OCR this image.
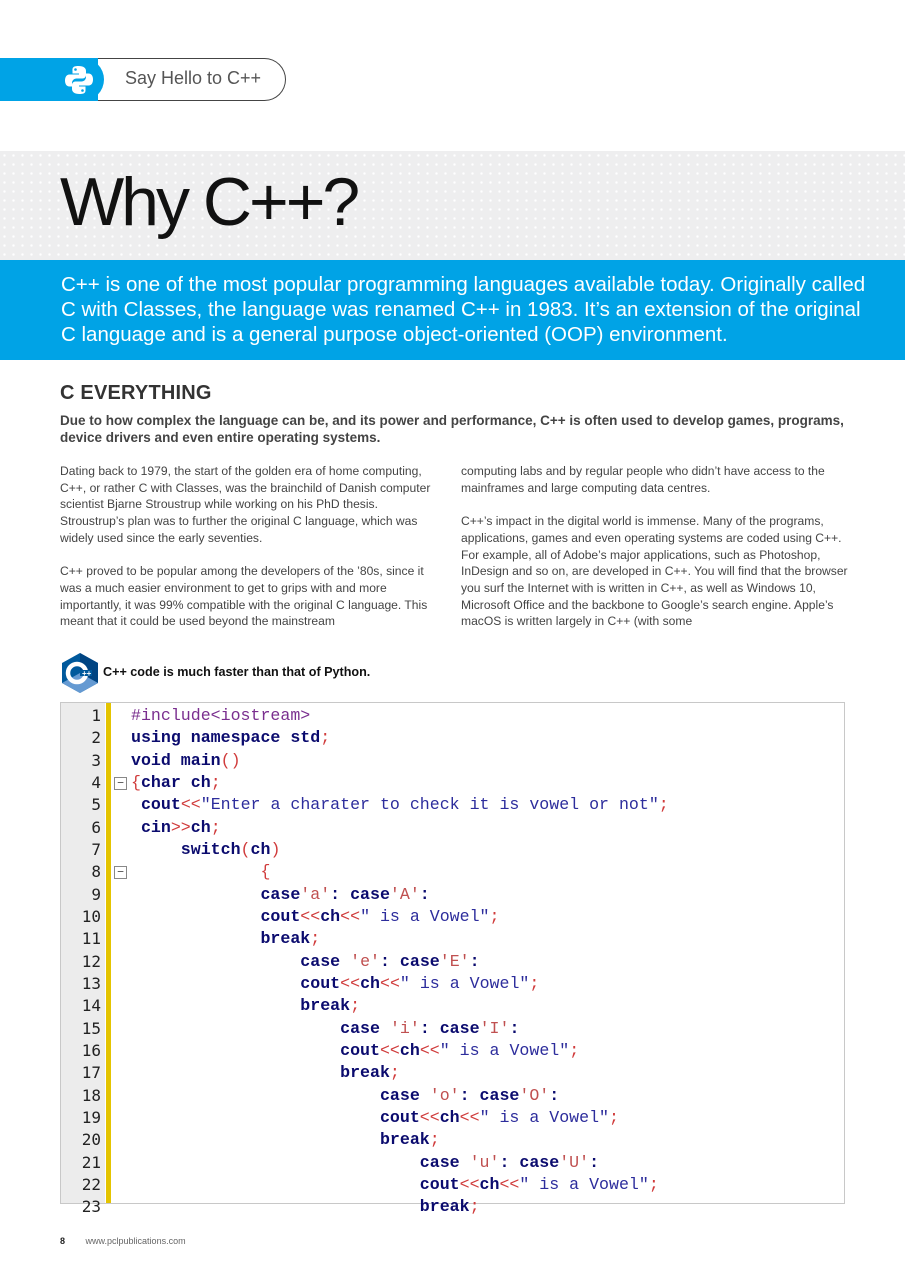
Say Hello to C++
Why C++?

C++ is one of the most popular programming languages available today. Originally called C with Classes, the language was renamed C++ in 1983. It’s an extension of the original C language and is a general purpose object-oriented (OOP) environment.

C EVERYTHING

Due to how complex the language can be, and its power and performance, C++ is often used to develop games, programs, device drivers and even entire operating systems.

Dating back to 1979, the start of the golden era of home computing, C++, or rather C with Classes, was the brainchild of Danish computer scientist Bjarne Stroustrup while working on his PhD thesis. Stroustrup’s plan was to further the original C language, which was widely used since the early seventies.

C++ proved to be popular among the developers of the ’80s, since it was a much easier environment to get to grips with and more importantly, it was 99% compatible with the original C language. This meant that it could be used beyond the mainstream

computing labs and by regular people who didn’t have access to the mainframes and large computing data centres.

C++’s impact in the digital world is immense. Many of the programs, applications, games and even operating systems are coded using C++. For example, all of Adobe’s major applications, such as Photoshop, InDesign and so on, are developed in C++. You will find that the browser you surf the Internet with is written in C++, as well as Windows 10, Microsoft Office and the backbone to Google’s search engine. Apple’s macOS is written largely in C++ (with some

++ C++ code is much faster than that of Python.
−
−
1 #include<iostream>
2 using namespace std;
3 void main()
4 {char ch;
5	cout<<"Enter a charater to check it is vowel or not";
6	cin>>ch;
7	switch(ch)
8	{
9	case'a': case'A':
10	cout<<ch<<" is a Vowel";
11	break;
12	case 'e': case'E':
13	cout<<ch<<" is a Vowel";
14	break;
15	case 'i': case'I':
16	cout<<ch<<" is a Vowel";
17	break;
18	case 'o': case'O':
19	cout<<ch<<" is a Vowel";
20	break;
21	case 'u': case'U':
22	cout<<ch<<" is a Vowel";
23	break;
8 www.pclpublications.com
